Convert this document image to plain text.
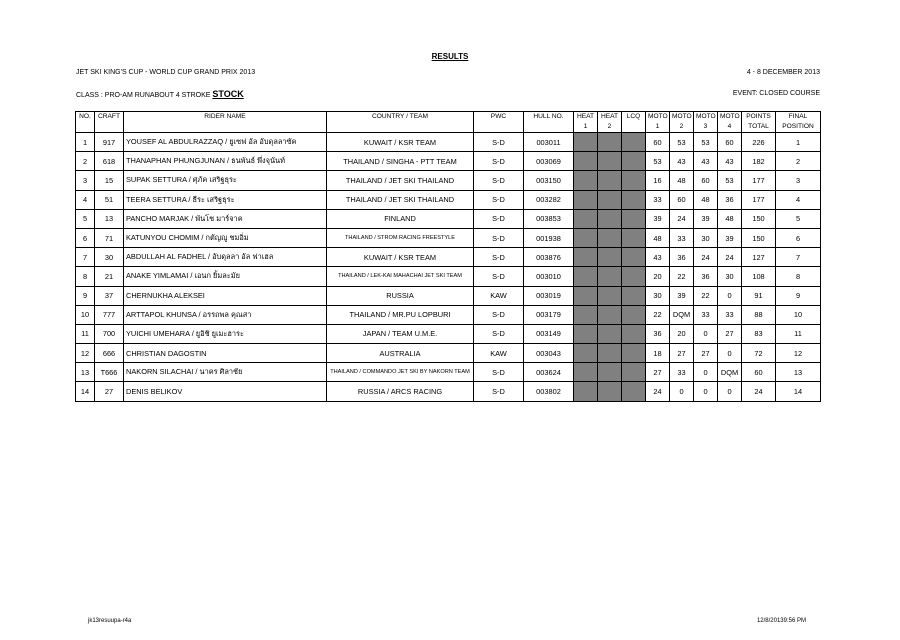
RESULTS
JET SKI KING'S CUP - WORLD CUP GRAND PRIX 2013	4 - 8 DECEMBER 2013
CLASS : PRO-AM RUNABOUT 4 STROKE STOCK	EVENT: CLOSED COURSE
NO.	CRAFT	RIDER NAME	COUNTRY / TEAM	PWC	HULL NO.	HEAT	HEAT	LCQ	MOTO	MOTO	MOTO	MOTO	POINTS	FINAL
						1	2		1	2	3	4	TOTAL	POSITION
1	917	YOUSEF AL ABDULRAZZAQ / ยูเซฟ อัล อับดุลลาซัค	KUWAIT / KSR TEAM	S-D	003011				60	53	53	60	226	1
2	618	THANAPHAN PHUNGJUNAN / ธนพันธ์ พึ่งจุนันท์	THAILAND / SINGHA - PTT TEAM	S-D	003069				53	43	43	43	182	2
3	15	SUPAK SETTURA / ศุภัค เสริฐธุระ	THAILAND / JET SKI THAILAND	S-D	003150				16	48	60	53	177	3
4	51	TEERA SETTURA / ธีระ เสริฐธุระ	THAILAND / JET SKI THAILAND	S-D	003282				33	60	48	36	177	4
5	13	PANCHO MARJAK / พันโช มาร์จาค	FINLAND	S-D	003853				39	24	39	48	150	5
6	71	KATUNYOU CHOMIM / กตัญญู ชมอิ่ม	THAILAND / STROM RACING FREESTYLE	S-D	001938				48	33	30	39	150	6
7	30	ABDULLAH AL FADHEL / อับดุลลา อัล ฟาเฮล	KUWAIT / KSR TEAM	S-D	003876				43	36	24	24	127	7
8	21	ANAKE YIMLAMAI / เอนก ยิ้มละมัย	THAILAND / LEK-KAI MAHACHAI JET SKI TEAM	S-D	003010				20	22	36	30	108	8
9	37	CHERNUKHA ALEKSEI	RUSSIA	KAW	003019				30	39	22	0	91	9
10	777	ARTTAPOL KHUNSA / อรรถพล คุณสา	THAILAND / MR.PU LOPBURI	S-D	003179				22	DQM	33	33	88	10
11	700	YUICHI UMEHARA / ยูอิชิ ยูเมะฮาระ	JAPAN / TEAM U.M.E.	S-D	003149				36	20	0	27	83	11
12	666	CHRISTIAN DAGOSTIN	AUSTRALIA	KAW	003043				18	27	27	0	72	12
13	T666	NAKORN SILACHAI / นาคร ศิลาชัย	THAILAND / COMMANDO JET SKI BY NAKORN TEAM	S-D	003624				27	33	0	DQM	60	13
14	27	DENIS BELIKOV	RUSSIA / ARCS RACING	S-D	003802				24	0	0	0	24	14
jk13resuupa-r4a	12/8/20139:56 PM
